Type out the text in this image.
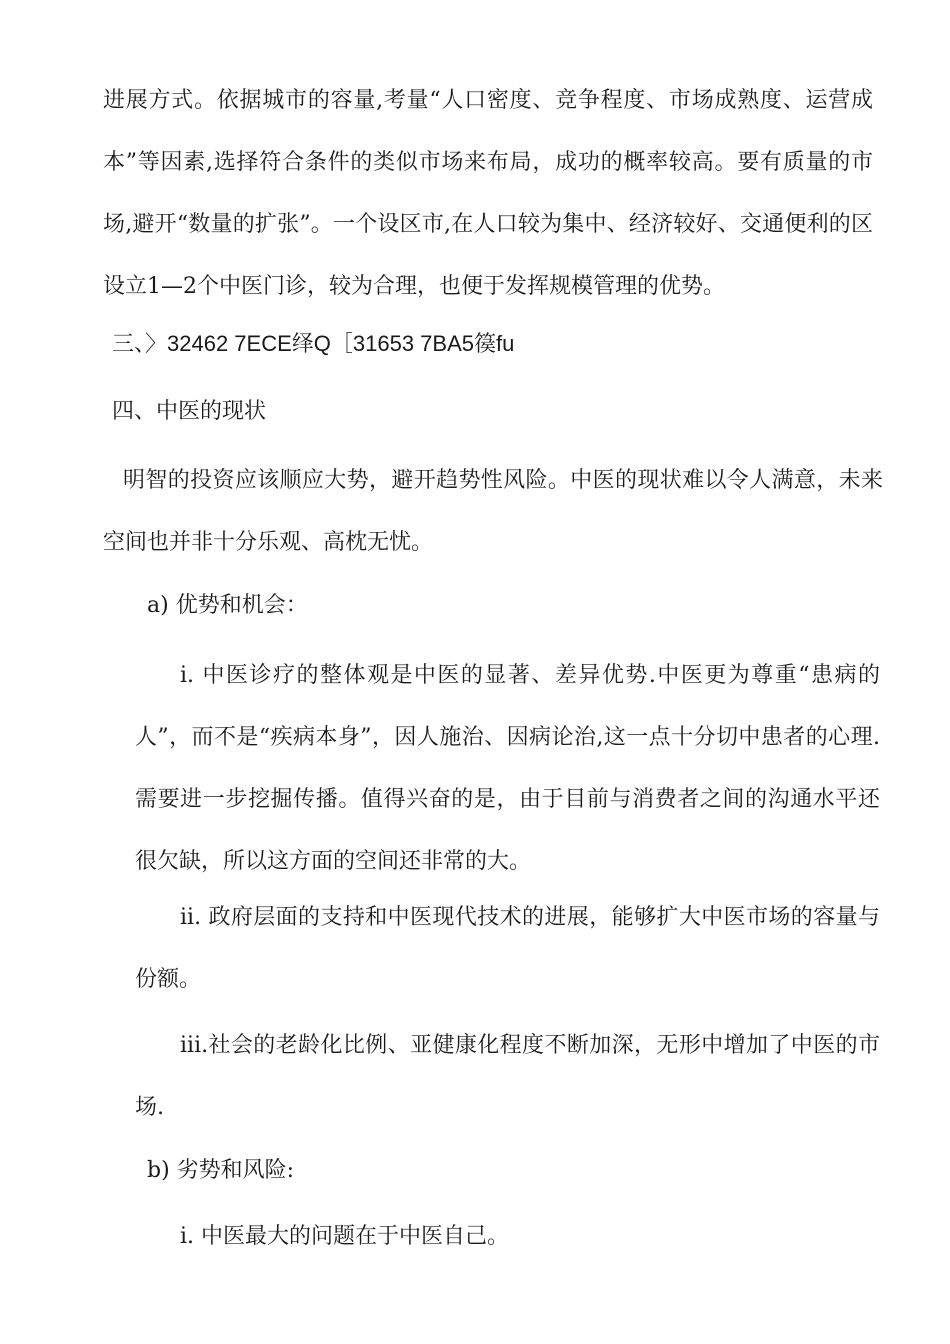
进展方式。依据城市的容量,考量“人口密度、竞争程度、市场成熟度、运营成本”等因素,选择符合条件的类似市场来布局，成功的概率较高。要有质量的市场,避开“数量的扩张”。一个设区市,在人口较为集中、经济较好、交通便利的区设立1—2个中医门诊，较为合理，也便于发挥规模管理的优势。

三、〉32462 7ECE绎Q［31653 7BA5篌fu

四、中医的现状

明智的投资应该顺应大势，避开趋势性风险。中医的现状难以令人满意，未来空间也并非十分乐观、高枕无忧。

a) 优势和机会：

i. 中医诊疗的整体观是中医的显著、差异优势.中医更为尊重“患病的人”，而不是“疾病本身”，因人施治、因病论治,这一点十分切中患者的心理.需要进一步挖掘传播。值得兴奋的是，由于目前与消费者之间的沟通水平还很欠缺，所以这方面的空间还非常的大。

ii. 政府层面的支持和中医现代技术的进展，能够扩大中医市场的容量与份额。

iii.社会的老龄化比例、亚健康化程度不断加深，无形中增加了中医的市场.

b) 劣势和风险:

i. 中医最大的问题在于中医自己。
